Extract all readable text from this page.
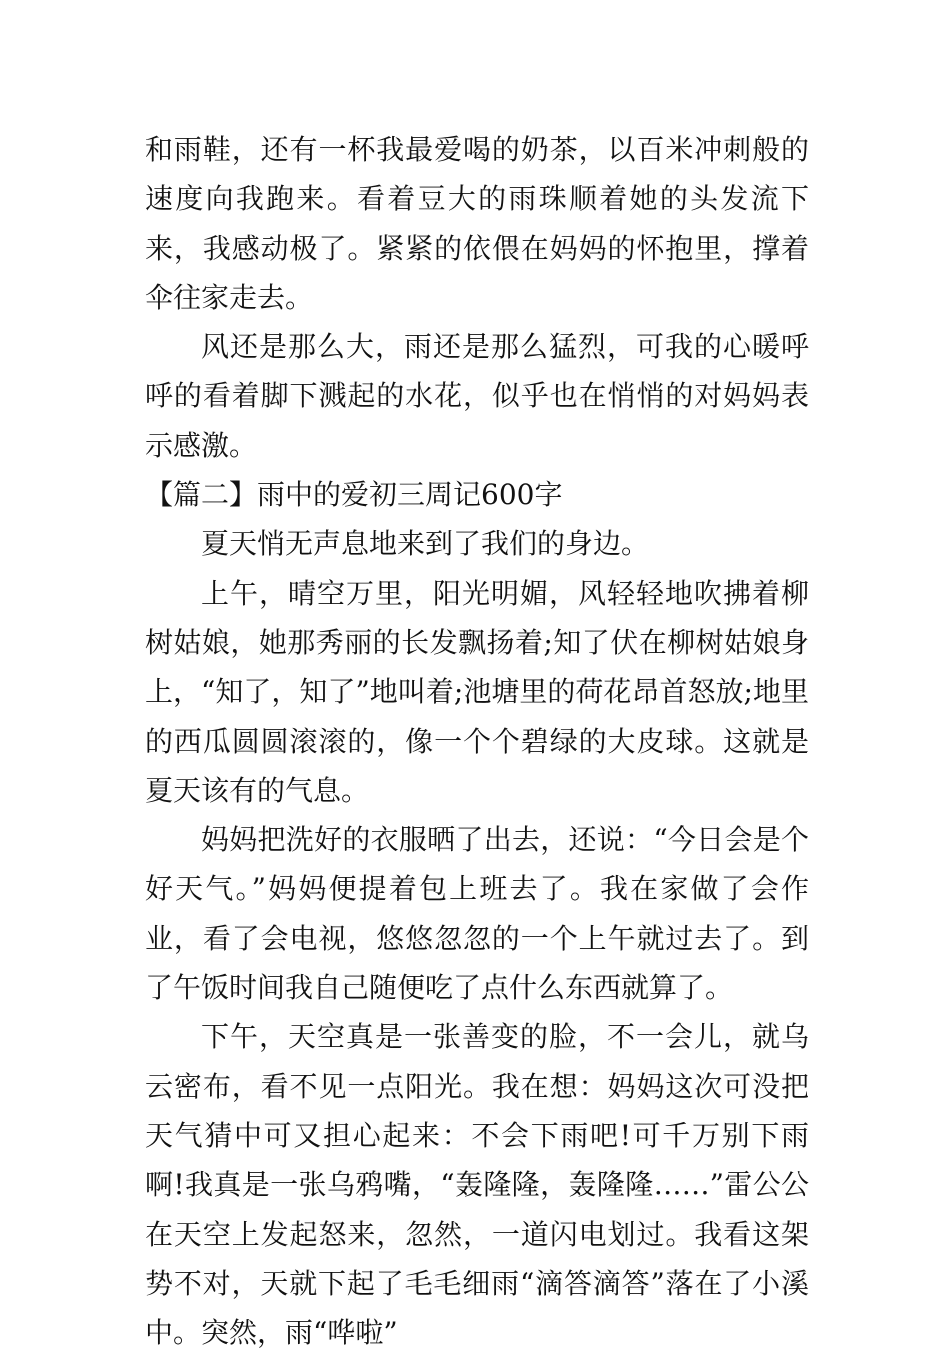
和雨鞋，还有一杯我最爱喝的奶茶，以百米冲刺般的速度向我跑来。看着豆大的雨珠顺着她的头发流下来，我感动极了。紧紧的依偎在妈妈的怀抱里，撑着伞往家走去。

风还是那么大，雨还是那么猛烈，可我的心暖呼呼的看着脚下溅起的水花，似乎也在悄悄的对妈妈表示感激。

【篇二】雨中的爱初三周记600字

夏天悄无声息地来到了我们的身边。

上午，晴空万里，阳光明媚，风轻轻地吹拂着柳树姑娘，她那秀丽的长发飘扬着;知了伏在柳树姑娘身上，“知了，知了”地叫着;池塘里的荷花昂首怒放;地里的西瓜圆圆滚滚的，像一个个碧绿的大皮球。这就是夏天该有的气息。

妈妈把洗好的衣服晒了出去，还说：“今日会是个好天气。”妈妈便提着包上班去了。我在家做了会作业，看了会电视，悠悠忽忽的一个上午就过去了。到了午饭时间我自己随便吃了点什么东西就算了。

下午，天空真是一张善变的脸，不一会儿，就乌云密布，看不见一点阳光。我在想：妈妈这次可没把天气猜中可又担心起来：不会下雨吧!可千万别下雨啊!我真是一张乌鸦嘴，“轰隆隆，轰隆隆……”雷公公在天空上发起怒来，忽然，一道闪电划过。我看这架势不对，天就下起了毛毛细雨“滴答滴答”落在了小溪中。突然，雨“哗啦”
